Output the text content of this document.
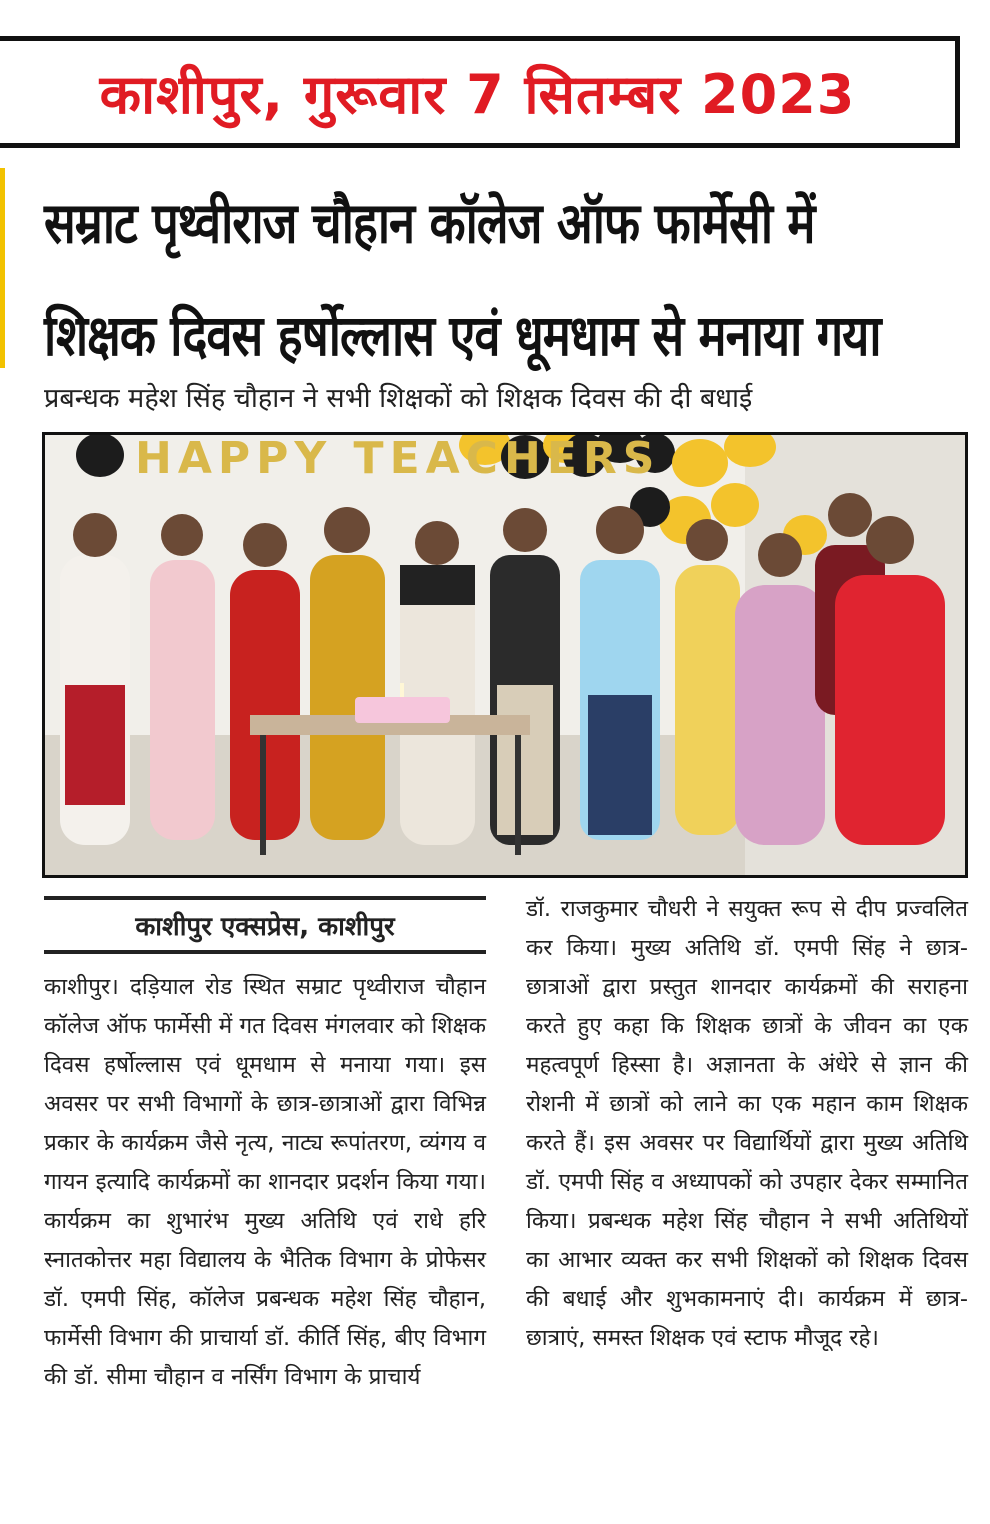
काशीपुर, गुरूवार 7 सितम्बर 2023
सम्राट पृथ्वीराज चौहान कॉलेज ऑफ फार्मेसी में
शिक्षक दिवस हर्षोल्लास एवं धूमधाम से मनाया गया
प्रबन्धक महेश सिंह चौहान ने सभी शिक्षकों को शिक्षक दिवस की दी बधाई
HAPPY TEACHERS
काशीपुर एक्सप्रेस, काशीपुर

काशीपुर। दड़ियाल रोड स्थित सम्राट पृथ्वीराज चौहान कॉलेज ऑफ फार्मेसी में गत दिवस मंगलवार को शिक्षक दिवस हर्षोल्लास एवं धूमधाम से मनाया गया। इस अवसर पर सभी विभागों के छात्र-छात्राओं द्वारा विभिन्न प्रकार के कार्यक्रम जैसे नृत्य, नाट्य रूपांतरण, व्यंगय व गायन इत्यादि कार्यक्रमों का शानदार प्रदर्शन किया गया। कार्यक्रम का शुभारंभ मुख्य अतिथि एवं राधे हरि स्नातकोत्तर महा विद्यालय के भैतिक विभाग के प्रोफेसर डॉ. एमपी सिंह, कॉलेज प्रबन्धक महेश सिंह चौहान, फार्मेसी विभाग की प्राचार्या डॉ. कीर्ति सिंह, बीए विभाग की डॉ. सीमा चौहान व नर्सिंग विभाग के प्राचार्य

डॉ. राजकुमार चौधरी ने सयुक्त रूप से दीप प्रज्वलित कर किया। मुख्य अतिथि डॉ. एमपी सिंह ने छात्र-छात्राओं द्वारा प्रस्तुत शानदार कार्यक्रमों की सराहना करते हुए कहा कि शिक्षक छात्रों के जीवन का एक महत्वपूर्ण हिस्सा है। अज्ञानता के अंधेरे से ज्ञान की रोशनी में छात्रों को लाने का एक महान काम शिक्षक करते हैं। इस अवसर पर विद्यार्थियों द्वारा मुख्य अतिथि डॉ. एमपी सिंह व अध्यापकों को उपहार देकर सम्मानित किया। प्रबन्धक महेश सिंह चौहान ने सभी अतिथियों का आभार व्यक्त कर सभी शिक्षकों को शिक्षक दिवस की बधाई और शुभकामनाएं दी। कार्यक्रम में छात्र-छात्राएं, समस्त शिक्षक एवं स्टाफ मौजूद रहे।
